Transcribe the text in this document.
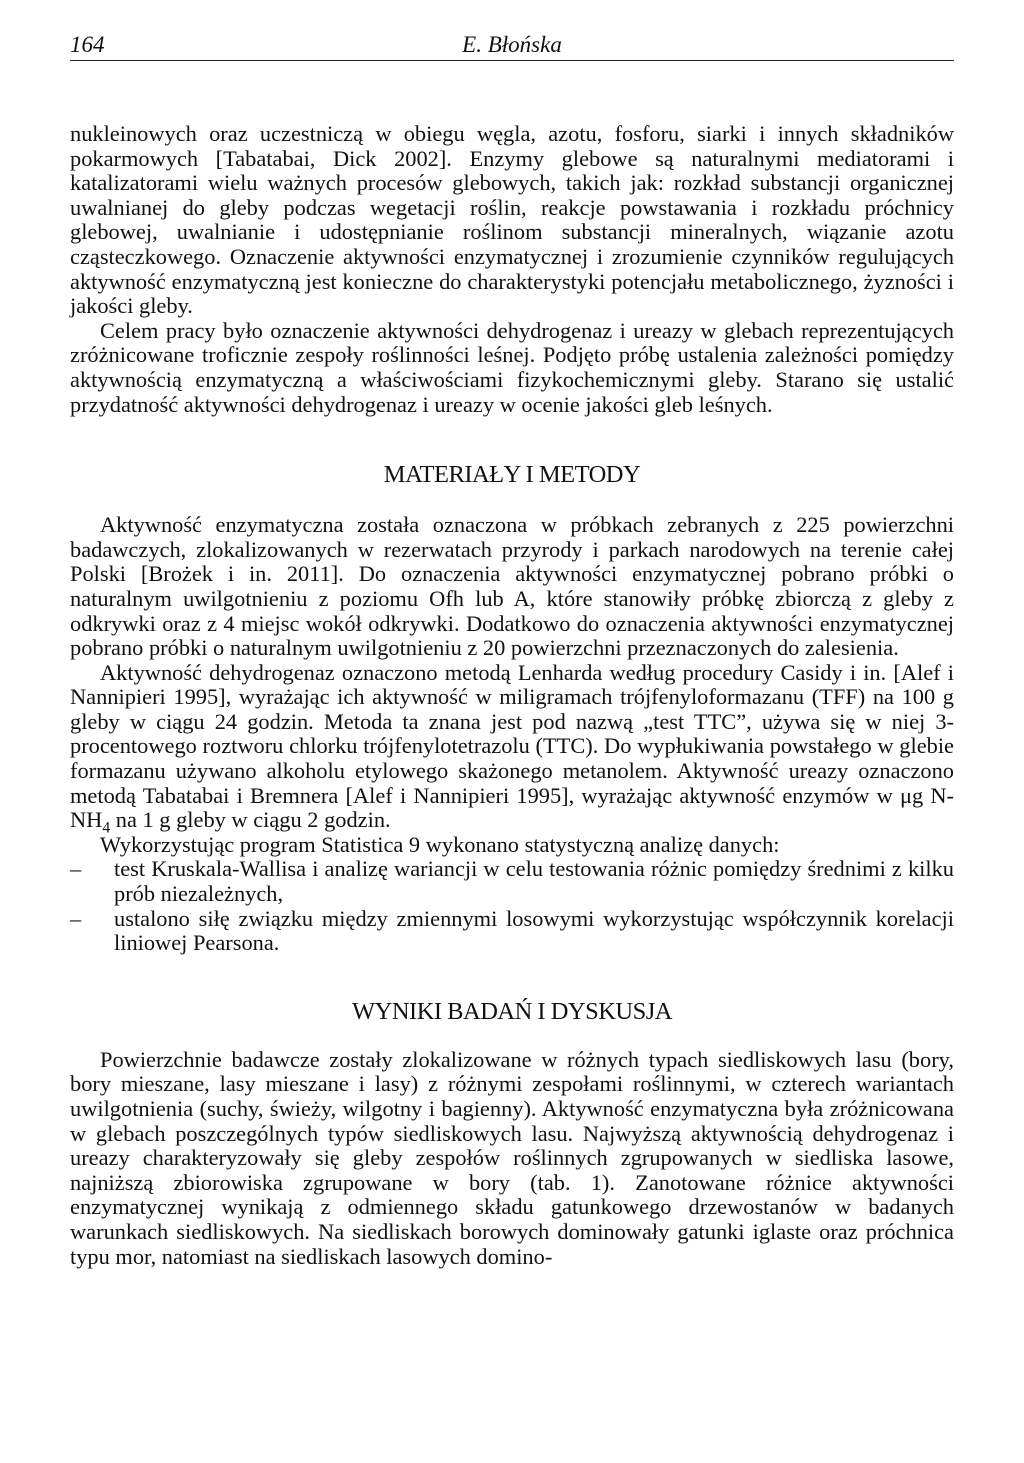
164	E. Błońska

nukleinowych oraz uczestniczą w obiegu węgla, azotu, fosforu, siarki i innych składników pokarmowych [Tabatabai, Dick 2002]. Enzymy glebowe są naturalnymi mediatorami i katalizatorami wielu ważnych procesów glebowych, takich jak: rozkład substancji organicznej uwalnianej do gleby podczas wegetacji roślin, reakcje powstawania i rozkładu próchnicy glebowej, uwalnianie i udostępnianie roślinom substancji mineralnych, wiązanie azotu cząsteczkowego. Oznaczenie aktywności enzymatycznej i zrozumienie czynników regulujących aktywność enzymatyczną jest konieczne do charakterystyki potencjału metabolicznego, żyzności i jakości gleby.

Celem pracy było oznaczenie aktywności dehydrogenaz i ureazy w glebach reprezentujących zróżnicowane troficznie zespoły roślinności leśnej. Podjęto próbę ustalenia zależności pomiędzy aktywnością enzymatyczną a właściwościami fizykochemicznymi gleby. Starano się ustalić przydatność aktywności dehydrogenaz i ureazy w ocenie jakości gleb leśnych.

MATERIAŁY I METODY

Aktywność enzymatyczna została oznaczona w próbkach zebranych z 225 powierzchni badawczych, zlokalizowanych w rezerwatach przyrody i parkach narodowych na terenie całej Polski [Brożek i in. 2011]. Do oznaczenia aktywności enzymatycznej pobrano próbki o naturalnym uwilgotnieniu z poziomu Ofh lub A, które stanowiły próbkę zbiorczą z gleby z odkrywki oraz z 4 miejsc wokół odkrywki. Dodatkowo do oznaczenia aktywności enzymatycznej pobrano próbki o naturalnym uwilgotnieniu z 20 powierzchni przeznaczonych do zalesienia.

Aktywność dehydrogenaz oznaczono metodą Lenharda według procedury Casidy i in. [Alef i Nannipieri 1995], wyrażając ich aktywność w miligramach trójfenyloformazanu (TFF) na 100 g gleby w ciągu 24 godzin. Metoda ta znana jest pod nazwą „test TTC”, używa się w niej 3-procentowego roztworu chlorku trójfenylotetrazolu (TTC). Do wypłukiwania powstałego w glebie formazanu używano alkoholu etylowego skażonego metanolem. Aktywność ureazy oznaczono metodą Tabatabai i Bremnera [Alef i Nannipieri 1995], wyrażając aktywność enzymów w μg $N-NH_4$ na 1 g gleby w ciągu 2 godzin.

Wykorzystując program Statistica 9 wykonano statystyczną analizę danych:

– test Kruskala-Wallisa i analizę wariancji w celu testowania różnic pomiędzy średnimi z kilku prób niezależnych,
– ustalono siłę związku między zmiennymi losowymi wykorzystując współczynnik korelacji liniowej Pearsona.
WYNIKI BADAŃ I DYSKUSJA

Powierzchnie badawcze zostały zlokalizowane w różnych typach siedliskowych lasu (bory, bory mieszane, lasy mieszane i lasy) z różnymi zespołami roślinnymi, w czterech wariantach uwilgotnienia (suchy, świeży, wilgotny i bagienny). Aktywność enzymatyczna była zróżnicowana w glebach poszczególnych typów siedliskowych lasu. Najwyższą aktywnością dehydrogenaz i ureazy charakteryzowały się gleby zespołów roślinnych zgrupowanych w siedliska lasowe, najniższą zbiorowiska zgrupowane w bory (tab. 1). Zanotowane różnice aktywności enzymatycznej wynikają z odmiennego składu gatunkowego drzewostanów w badanych warunkach siedliskowych. Na siedliskach borowych dominowały gatunki iglaste oraz próchnica typu mor, natomiast na siedliskach lasowych domino-
